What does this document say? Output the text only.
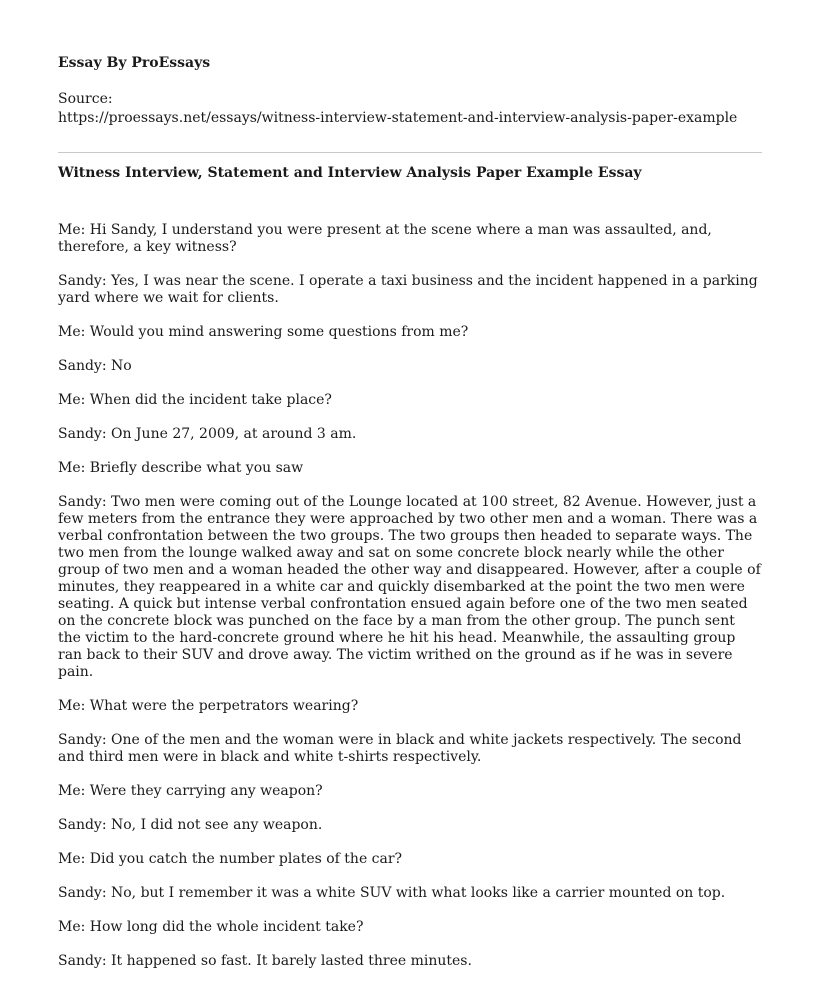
Essay By ProEssays
Source:
https://proessays.net/essays/witness-interview-statement-and-interview-analysis-paper-example
Witness Interview, Statement and Interview Analysis Paper Example Essay

Me: Hi Sandy, I understand you were present at the scene where a man was assaulted, and, therefore, a key witness?

Sandy: Yes, I was near the scene. I operate a taxi business and the incident happened in a parking yard where we wait for clients.

Me: Would you mind answering some questions from me?

Sandy: No

Me: When did the incident take place?

Sandy: On June 27, 2009, at around 3 am.

Me: Briefly describe what you saw

Sandy: Two men were coming out of the Lounge located at 100 street, 82 Avenue. However, just a few meters from the entrance they were approached by two other men and a woman. There was a verbal confrontation between the two groups. The two groups then headed to separate ways. The two men from the lounge walked away and sat on some concrete block nearly while the other group of two men and a woman headed the other way and disappeared. However, after a couple of minutes, they reappeared in a white car and quickly disembarked at the point the two men were seating. A quick but intense verbal confrontation ensued again before one of the two men seated on the concrete block was punched on the face by a man from the other group. The punch sent the victim to the hard-concrete ground where he hit his head. Meanwhile, the assaulting group ran back to their SUV and drove away. The victim writhed on the ground as if he was in severe pain.

Me: What were the perpetrators wearing?

Sandy: One of the men and the woman were in black and white jackets respectively. The second and third men were in black and white t-shirts respectively.

Me: Were they carrying any weapon?

Sandy: No, I did not see any weapon.

Me: Did you catch the number plates of the car?

Sandy: No, but I remember it was a white SUV with what looks like a carrier mounted on top.

Me: How long did the whole incident take?

Sandy: It happened so fast. It barely lasted three minutes.
